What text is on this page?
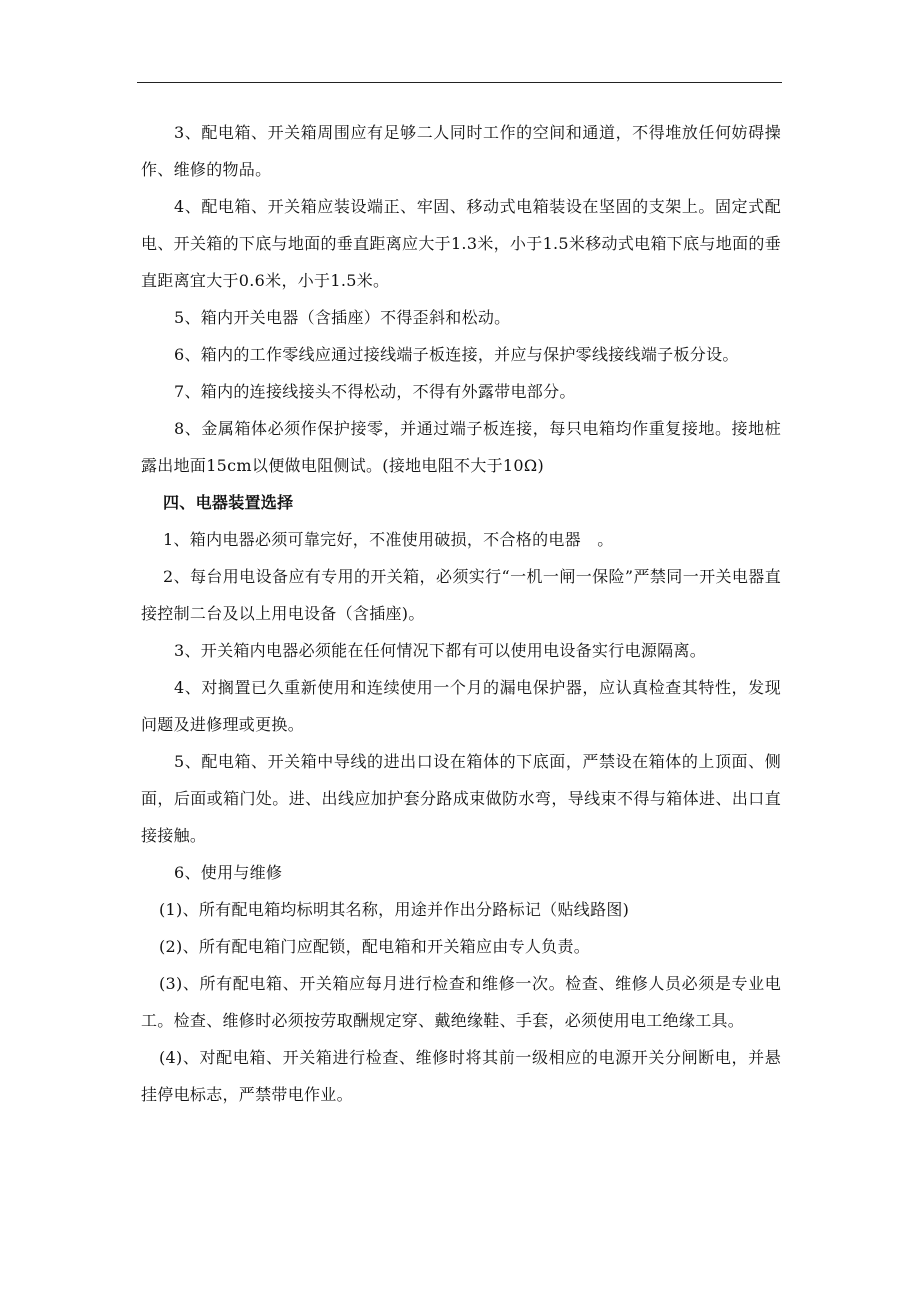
3、配电箱、开关箱周围应有足够二人同时工作的空间和通道，不得堆放任何妨碍操作、维修的物品。

4、配电箱、开关箱应装设端正、牢固、移动式电箱装设在坚固的支架上。固定式配电、开关箱的下底与地面的垂直距离应大于1.3米，小于1.5米移动式电箱下底与地面的垂直距离宜大于0.6米，小于1.5米。

5、箱内开关电器（含插座）不得歪斜和松动。

6、箱内的工作零线应通过接线端子板连接，并应与保护零线接线端子板分设。

7、箱内的连接线接头不得松动，不得有外露带电部分。

8、金属箱体必须作保护接零，并通过端子板连接，每只电箱均作重复接地。接地桩露出地面15cm以便做电阻侧试。(接地电阻不大于10Ω)

四、电器装置选择

1、箱内电器必须可靠完好，不准使用破损，不合格的电器　。

2、每台用电设备应有专用的开关箱，必须实行“一机一闸一保险”严禁同一开关电器直接控制二台及以上用电设备（含插座)。

3、开关箱内电器必须能在任何情况下都有可以使用电设备实行电源隔离。

4、对搁置已久重新使用和连续使用一个月的漏电保护器，应认真检查其特性，发现问题及进修理或更换。

5、配电箱、开关箱中导线的进出口设在箱体的下底面，严禁设在箱体的上顶面、侧面，后面或箱门处。进、出线应加护套分路成束做防水弯，导线束不得与箱体进、出口直接接触。

6、使用与维修

(1)、所有配电箱均标明其名称，用途并作出分路标记（贴线路图)

(2)、所有配电箱门应配锁，配电箱和开关箱应由专人负责。

(3)、所有配电箱、开关箱应每月进行检查和维修一次。检查、维修人员必须是专业电工。检查、维修时必须按劳取酬规定穿、戴绝缘鞋、手套，必须使用电工绝缘工具。

(4)、对配电箱、开关箱进行检查、维修时将其前一级相应的电源开关分闸断电，并悬挂停电标志，严禁带电作业。
